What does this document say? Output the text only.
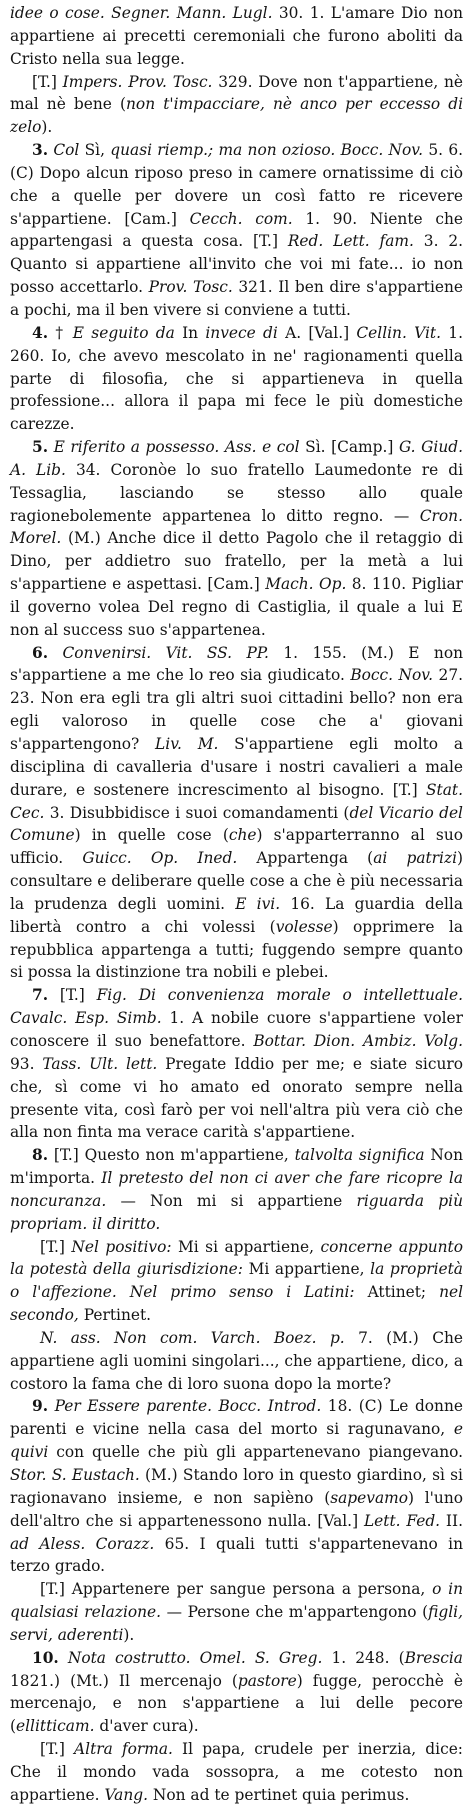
idee o cose. Segner. Mann. Lugl. 30. 1. L'amare Dio non appartiene ai precetti ceremoniali che furono aboliti da Cristo nella sua legge.

[T.] Impers. Prov. Tosc. 329. Dove non t'appartiene, nè mal nè bene (non t'impacciare, nè anco per eccesso di zelo).

3. Col Sì, quasi riemp.; ma non ozioso. Bocc. Nov. 5. 6. (C) Dopo alcun riposo preso in camere ornatissime di ciò che a quelle per dovere un così fatto re ricevere s'appartiene. [Cam.] Cecch. com. 1. 90. Niente che appartengasi a questa cosa. [T.] Red. Lett. fam. 3. 2. Quanto si appartiene all'invito che voi mi fate... io non posso accettarlo. Prov. Tosc. 321. Il ben dire s'appartiene a pochi, ma il ben vivere si conviene a tutti.

4. † E seguito da In invece di A. [Val.] Cellin. Vit. 1. 260. Io, che avevo mescolato in ne' ragionamenti quella parte di filosofia, che si appartieneva in quella professione... allora il papa mi fece le più domestiche carezze.

5. E riferito a possesso. Ass. e col Sì. [Camp.] G. Giud. A. Lib. 34. Coronòe lo suo fratello Laumedonte re di Tessaglia, lasciando se stesso allo quale ragionebolemente appartenea lo ditto regno. — Cron. Morel. (M.) Anche dice il detto Pagolo che il retaggio di Dino, per addietro suo fratello, per la metà a lui s'appartiene e aspettasi. [Cam.] Mach. Op. 8. 110. Pigliar il governo volea Del regno di Castiglia, il quale a lui E non al success suo s'appartenea.

6. Convenirsi. Vit. SS. PP. 1. 155. (M.) E non s'appartiene a me che lo reo sia giudicato. Bocc. Nov. 27. 23. Non era egli tra gli altri suoi cittadini bello? non era egli valoroso in quelle cose che a' giovani s'appartengono? Liv. M. S'appartiene egli molto a disciplina di cavalleria d'usare i nostri cavalieri a male durare, e sostenere increscimento al bisogno. [T.] Stat. Cec. 3. Disubbidisce i suoi comandamenti (del Vicario del Comune) in quelle cose (che) s'apparterranno al suo ufficio. Guicc. Op. Ined. Appartenga (ai patrizi) consultare e deliberare quelle cose a che è più necessaria la prudenza degli uomini. E ivi. 16. La guardia della libertà contro a chi volessi (volesse) opprimere la repubblica appartenga a tutti; fuggendo sempre quanto si possa la distinzione tra nobili e plebei.

7. [T.] Fig. Di convenienza morale o intellettuale. Cavalc. Esp. Simb. 1. A nobile cuore s'appartiene voler conoscere il suo benefattore. Bottar. Dion. Ambiz. Volg. 93. Tass. Ult. lett. Pregate Iddio per me; e siate sicuro che, sì come vi ho amato ed onorato sempre nella presente vita, così farò per voi nell'altra più vera ciò che alla non finta ma verace carità s'appartiene.

8. [T.] Questo non m'appartiene, talvolta significa Non m'importa. Il pretesto del non ci aver che fare ricopre la noncuranza. — Non mi si appartiene riguarda più propriam. il diritto.

[T.] Nel positivo: Mi si appartiene, concerne appunto la potestà della giurisdizione: Mi appartiene, la proprietà o l'affezione. Nel primo senso i Latini: Attinet; nel secondo, Pertinet.

N. ass. Non com. Varch. Boez. p. 7. (M.) Che appartiene agli uomini singolari..., che appartiene, dico, a costoro la fama che di loro suona dopo la morte?

9. Per Essere parente. Bocc. Introd. 18. (C) Le donne parenti e vicine nella casa del morto si ragunavano, e quivi con quelle che più gli appartenevano piangevano. Stor. S. Eustach. (M.) Stando loro in questo giardino, sì si ragionavano insieme, e non sapièno (sapevamo) l'uno dell'altro che si appartenessono nulla. [Val.] Lett. Fed. II. ad Aless. Corazz. 65. I quali tutti s'appartenevano in terzo grado.

[T.] Appartenere per sangue persona a persona, o in qualsiasi relazione. — Persone che m'appartengono (figli, servi, aderenti).

10. Nota costrutto. Omel. S. Greg. 1. 248. (Brescia 1821.) (Mt.) Il mercenajo (pastore) fugge, perocchè è mercenajo, e non s'appartiene a lui delle pecore (ellitticam. d'aver cura).

[T.] Altra forma. Il papa, crudele per inerzia, dice: Che il mondo vada sossopra, a me cotesto non appartiene. Vang. Non ad te pertinet quia perimus.
